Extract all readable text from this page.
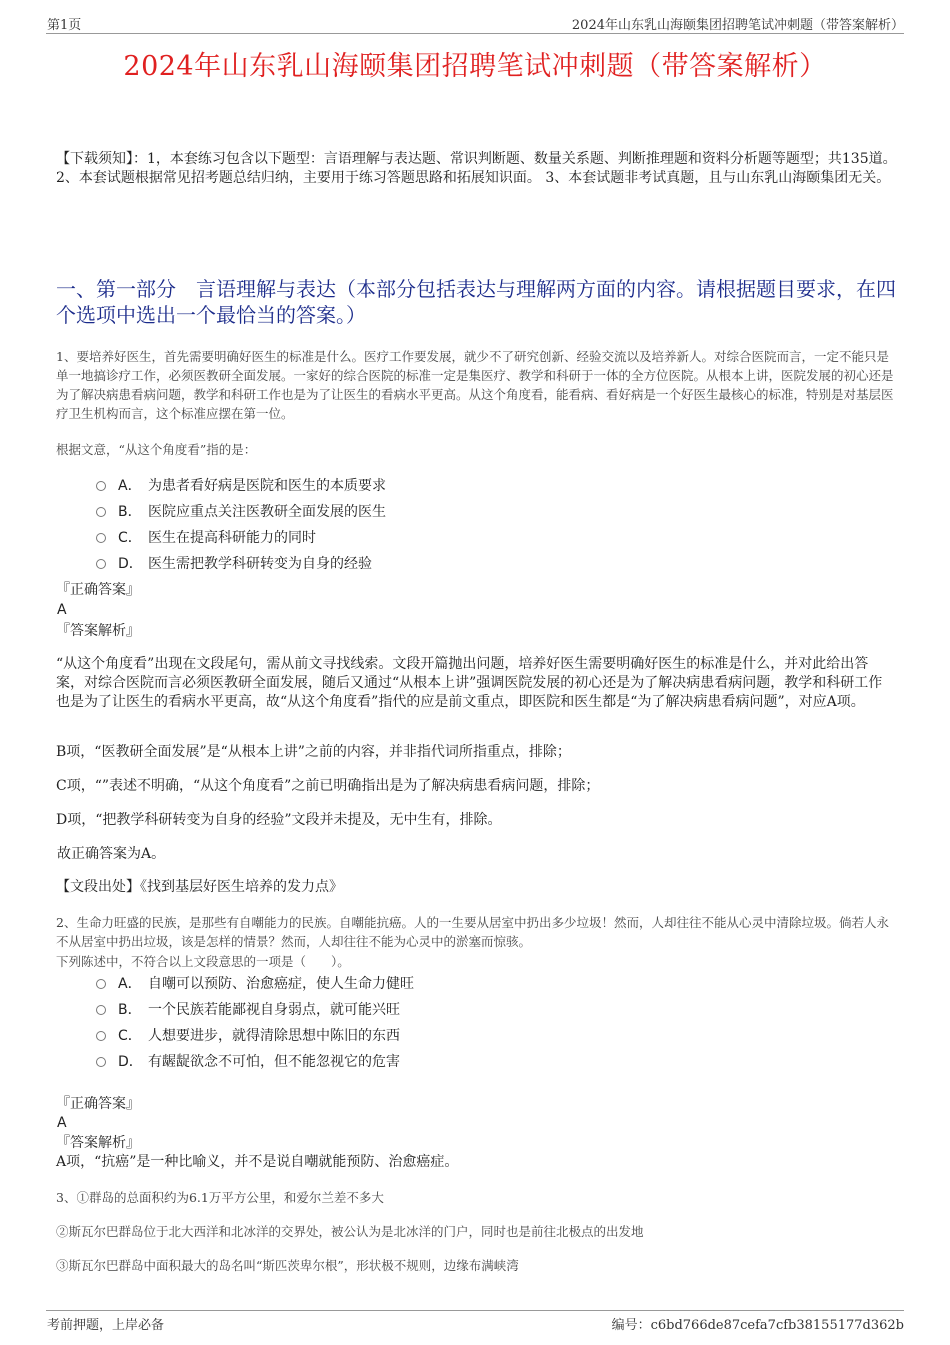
第1页	2024年山东乳山海颐集团招聘笔试冲刺题（带答案解析）
2024年山东乳山海颐集团招聘笔试冲刺题（带答案解析）
【下载须知】：1，本套练习包含以下题型：言语理解与表达题、常识判断题、数量关系题、判断推理题和资料分析题等题型；共135道。 2、本套试题根据常见招考题总结归纳，主要用于练习答题思路和拓展知识面。 3、本套试题非考试真题，且与山东乳山海颐集团无关。
一、第一部分　言语理解与表达（本部分包括表达与理解两方面的内容。请根据题目要求，在四个选项中选出一个最恰当的答案。）
1、要培养好医生，首先需要明确好医生的标准是什么。医疗工作要发展，就少不了研究创新、经验交流以及培养新人。对综合医院而言，一定不能只是单一地搞诊疗工作，必须医教研全面发展。一家好的综合医院的标准一定是集医疗、教学和科研于一体的全方位医院。从根本上讲，医院发展的初心还是为了解决病患看病问题，教学和科研工作也是为了让医生的看病水平更高。从这个角度看，能看病、看好病是一个好医生最核心的标准，特别是对基层医疗卫生机构而言，这个标准应摆在第一位。
根据文意，“从这个角度看”指的是：
A． 为患者看好病是医院和医生的本质要求
B． 医院应重点关注医教研全面发展的医生
C． 医生在提高科研能力的同时
D． 医生需把教学科研转变为自身的经验
『正确答案』
A
『答案解析』
“从这个角度看”出现在文段尾句，需从前文寻找线索。文段开篇抛出问题，培养好医生需要明确好医生的标准是什么，并对此给出答案，对综合医院而言必须医教研全面发展，随后又通过“从根本上讲”强调医院发展的初心还是为了解决病患看病问题，教学和科研工作也是为了让医生的看病水平更高，故“从这个角度看”指代的应是前文重点，即医院和医生都是“为了解决病患看病问题”，对应A项。
B项，“医教研全面发展”是“从根本上讲”之前的内容，并非指代词所指重点，排除；
C项，“”表述不明确，“从这个角度看”之前已明确指出是为了解决病患看病问题，排除；
D项，“把教学科研转变为自身的经验”文段并未提及，无中生有，排除。
故正确答案为A。
【文段出处】《找到基层好医生培养的发力点》
2、生命力旺盛的民族，是那些有自嘲能力的民族。自嘲能抗癌。人的一生要从居室中扔出多少垃圾！然而，人却往往不能从心灵中清除垃圾。倘若人永不从居室中扔出垃圾，该是怎样的情景？然而，人却往往不能为心灵中的淤塞而惊骇。
下列陈述中，不符合以上文段意思的一项是（　　）。
A． 自嘲可以预防、治愈癌症，使人生命力健旺
B． 一个民族若能鄙视自身弱点，就可能兴旺
C． 人想要进步，就得清除思想中陈旧的东西
D． 有龌龊欲念不可怕，但不能忽视它的危害
『正确答案』
A
『答案解析』
A项，“抗癌”是一种比喻义，并不是说自嘲就能预防、治愈癌症。
3、①群岛的总面积约为6.1万平方公里，和爱尔兰差不多大
②斯瓦尔巴群岛位于北大西洋和北冰洋的交界处，被公认为是北冰洋的门户，同时也是前往北极点的出发地
③斯瓦尔巴群岛中面积最大的岛名叫“斯匹茨卑尔根”，形状极不规则，边缘布满峡湾
考前押题，上岸必备	编号：c6bd766de87cefa7cfb38155177d362b
